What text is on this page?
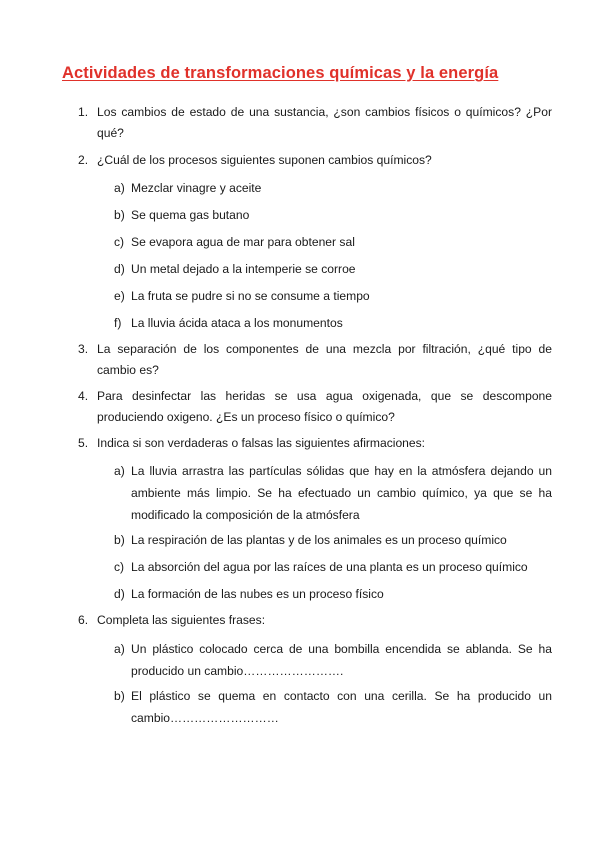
Actividades de transformaciones químicas y la energía
1. Los cambios de estado de una sustancia, ¿son cambios físicos o químicos? ¿Por qué?
2. ¿Cuál de los procesos siguientes suponen cambios químicos?
a) Mezclar vinagre y aceite
b) Se quema gas butano
c) Se evapora agua de mar para obtener sal
d) Un metal dejado a la intemperie se corroe
e) La fruta se pudre si no se consume a tiempo
f) La lluvia ácida ataca a los monumentos
3. La separación de los componentes de una mezcla por filtración, ¿qué tipo de cambio es?
4. Para desinfectar las heridas se usa agua oxigenada, que se descompone produciendo oxigeno. ¿Es un proceso físico o químico?
5. Indica si son verdaderas o falsas las siguientes afirmaciones:
a) La lluvia arrastra las partículas sólidas que hay en la atmósfera dejando un ambiente más limpio. Se ha efectuado un cambio químico, ya que se ha modificado la composición de la atmósfera
b) La respiración de las plantas y de los animales es un proceso químico
c) La absorción del agua por las raíces de una planta es un proceso químico
d) La formación de las nubes es un proceso físico
6. Completa las siguientes frases:
a) Un plástico colocado cerca de una bombilla encendida se ablanda. Se ha producido un cambio…………………….
b) El plástico se quema en contacto con una cerilla. Se ha producido un cambio………………………
